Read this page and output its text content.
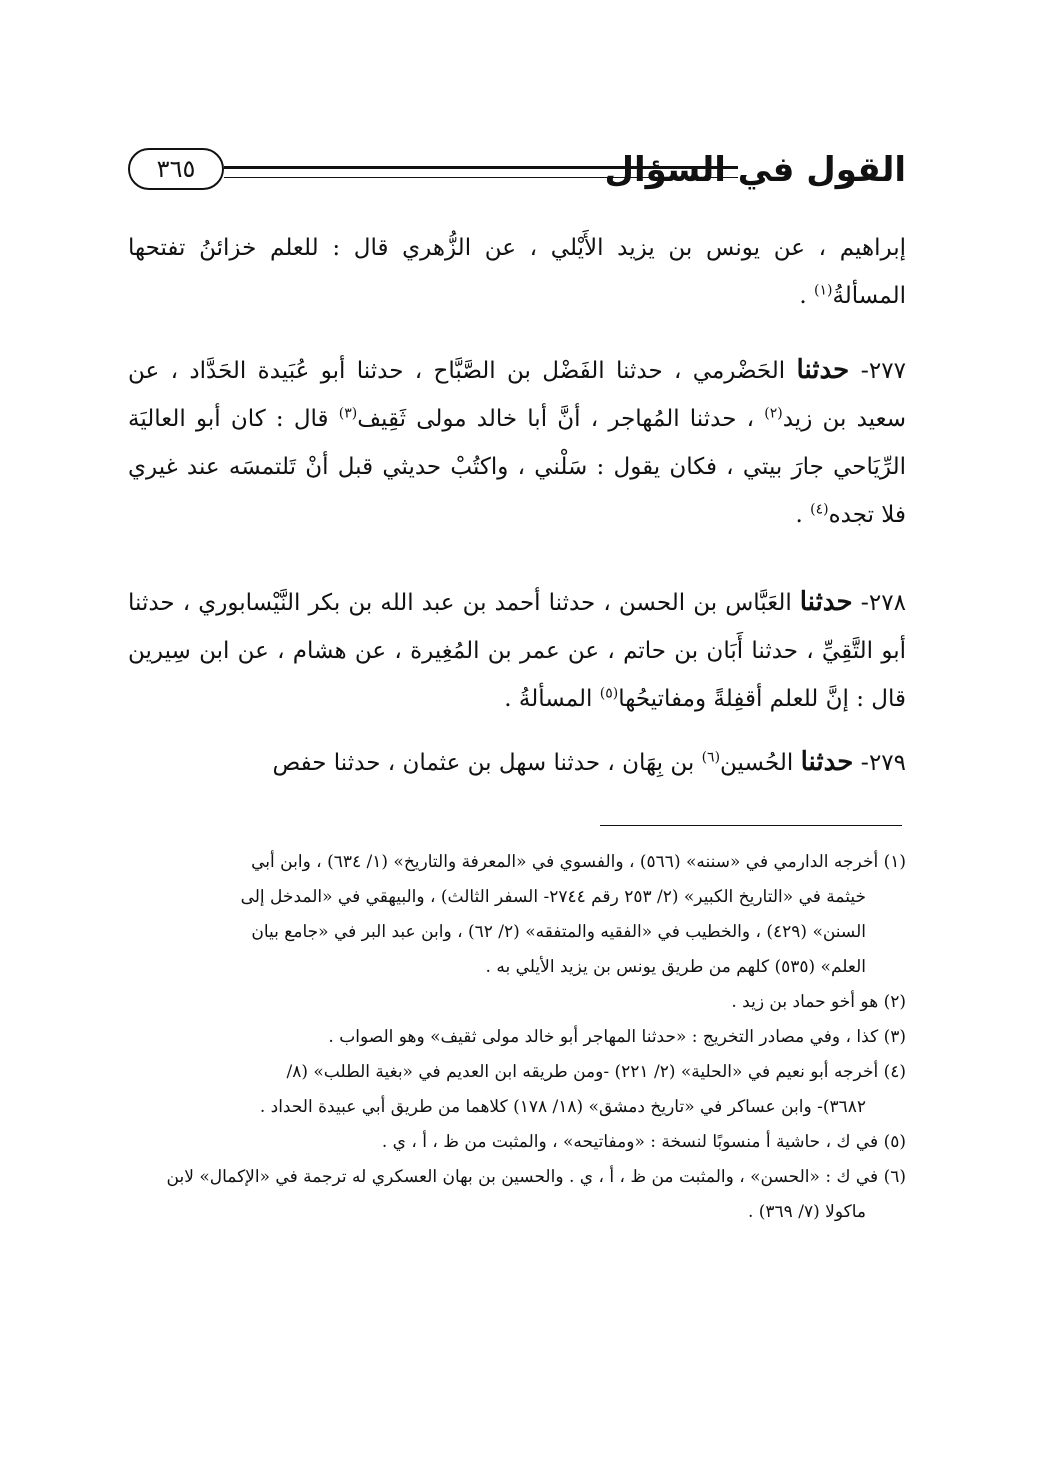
القول في السؤال
٣٦٥

إبراهيم ، عن يونس بن يزيد الأَيْلي ، عن الزُّهري قال : للعلم خزائنُ تفتحها المسألةُ$^{(١)}$ .

٢٧٧- حدثنا الحَضْرمي ، حدثنا الفَضْل بن الصَّبَّاح ، حدثنا أبو عُبَيدة الحَدَّاد ، عن سعيد بن زيد$^{(٢)}$ ، حدثنا المُهاجر ، أنَّ أبا خالد مولى ثَقِيف$^{(٣)}$ قال : كان أبو العاليَة الرِّيَاحي جارَ بيتي ، فكان يقول : سَلْني ، واكتُبْ حديثي قبل أنْ تَلتمسَه عند غيري فلا تجده$^{(٤)}$ .

٢٧٨- حدثنا العَبَّاس بن الحسن ، حدثنا أحمد بن عبد الله بن بكر النَّيْسابوري ، حدثنا أبو التَّقِيِّ ، حدثنا أَبَان بن حاتم ، عن عمر بن المُغِيرة ، عن هشام ، عن ابن سِيرين قال : إنَّ للعلم أقفِلةً ومفاتيحُها$^{(٥)}$ المسألةُ .

٢٧٩- حدثنا الحُسين$^{(٦)}$ بن بِهَان ، حدثنا سهل بن عثمان ، حدثنا حفص

(١) أخرجه الدارمي في «سننه» (٥٦٦) ، والفسوي في «المعرفة والتاريخ» (١/ ٦٣٤) ، وابن أبي

خيثمة في «التاريخ الكبير» (٢/ ٢٥٣ رقم ٢٧٤٤- السفر الثالث) ، والبيهقي في «المدخل إلى

السنن» (٤٢٩) ، والخطيب في «الفقيه والمتفقه» (٢/ ٦٢) ، وابن عبد البر في «جامع بيان

العلم» (٥٣٥) كلهم من طريق يونس بن يزيد الأيلي به .

(٢) هو أخو حماد بن زيد .

(٣) كذا ، وفي مصادر التخريج : «حدثنا المهاجر أبو خالد مولى ثقيف» وهو الصواب .

(٤) أخرجه أبو نعيم في «الحلية» (٢/ ٢٢١) -ومن طريقه ابن العديم في «بغية الطلب» (٨/

٣٦٨٢)- وابن عساكر في «تاريخ دمشق» (١٨/ ١٧٨) كلاهما من طريق أبي عبيدة الحداد .

(٥) في ك ، حاشية أ منسوبًا لنسخة : «ومفاتيحه» ، والمثبت من ظ ، أ ، ي .

(٦) في ك : «الحسن» ، والمثبت من ظ ، أ ، ي . والحسين بن بهان العسكري له ترجمة في «الإكمال» لابن

ماكولا (٧/ ٣٦٩) .
